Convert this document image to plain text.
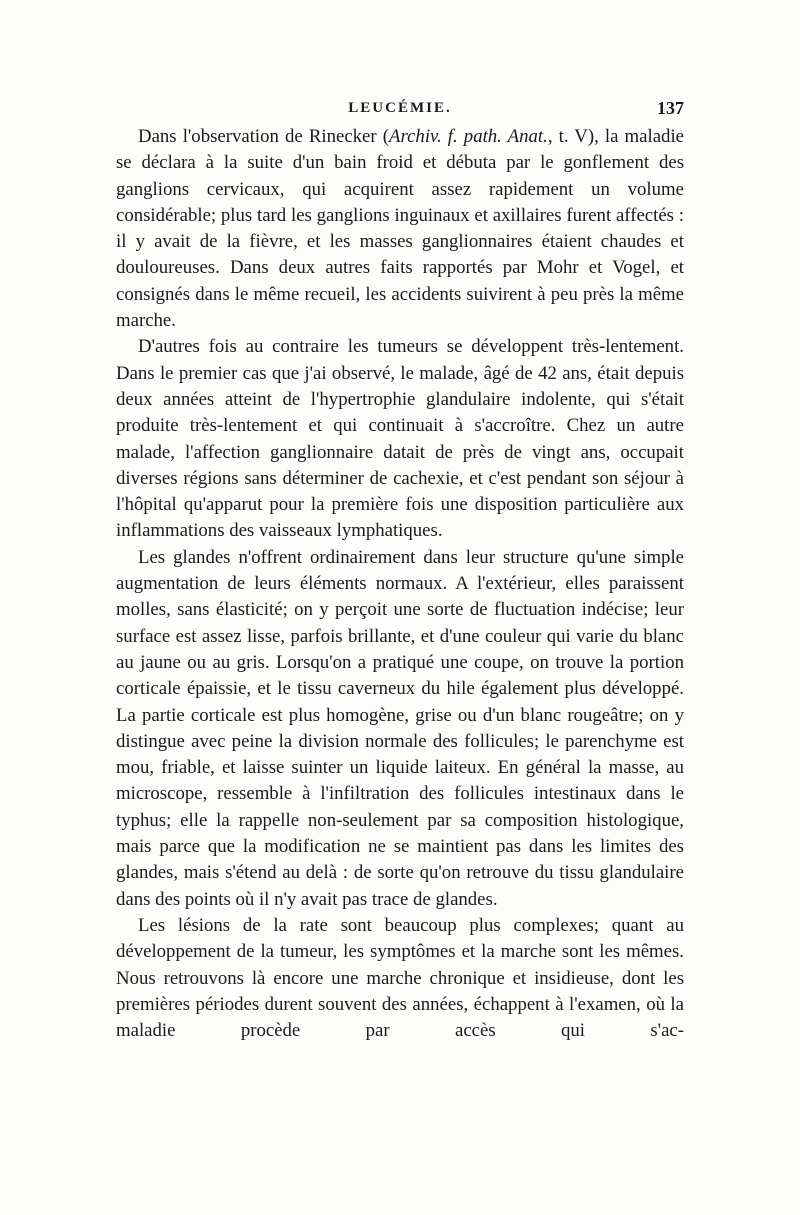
LEUCÉMIE.	137

Dans l'observation de Rinecker (Archiv. f. path. Anat., t. V), la maladie se déclara à la suite d'un bain froid et débuta par le gonflement des ganglions cervicaux, qui acquirent assez rapidement un volume considérable; plus tard les ganglions inguinaux et axillaires furent affectés : il y avait de la fièvre, et les masses ganglionnaires étaient chaudes et douloureuses. Dans deux autres faits rapportés par Mohr et Vogel, et consignés dans le même recueil, les accidents suivirent à peu près la même marche.

D'autres fois au contraire les tumeurs se développent très-lentement. Dans le premier cas que j'ai observé, le malade, âgé de 42 ans, était depuis deux années atteint de l'hypertrophie glandulaire indolente, qui s'était produite très-lentement et qui continuait à s'accroître. Chez un autre malade, l'affection ganglionnaire datait de près de vingt ans, occupait diverses régions sans déterminer de cachexie, et c'est pendant son séjour à l'hôpital qu'apparut pour la première fois une disposition particulière aux inflammations des vaisseaux lymphatiques.

Les glandes n'offrent ordinairement dans leur structure qu'une simple augmentation de leurs éléments normaux. A l'extérieur, elles paraissent molles, sans élasticité; on y perçoit une sorte de fluctuation indécise; leur surface est assez lisse, parfois brillante, et d'une couleur qui varie du blanc au jaune ou au gris. Lorsqu'on a pratiqué une coupe, on trouve la portion corticale épaissie, et le tissu caverneux du hile également plus développé. La partie corticale est plus homogène, grise ou d'un blanc rougeâtre; on y distingue avec peine la division normale des follicules; le parenchyme est mou, friable, et laisse suinter un liquide laiteux. En général la masse, au microscope, ressemble à l'infiltration des follicules intestinaux dans le typhus; elle la rappelle non-seulement par sa composition histologique, mais parce que la modification ne se maintient pas dans les limites des glandes, mais s'étend au delà : de sorte qu'on retrouve du tissu glandulaire dans des points où il n'y avait pas trace de glandes.

Les lésions de la rate sont beaucoup plus complexes; quant au développement de la tumeur, les symptômes et la marche sont les mêmes. Nous retrouvons là encore une marche chronique et insidieuse, dont les premières périodes durent souvent des années, échappent à l'examen, où la maladie procède par accès qui s'ac-
